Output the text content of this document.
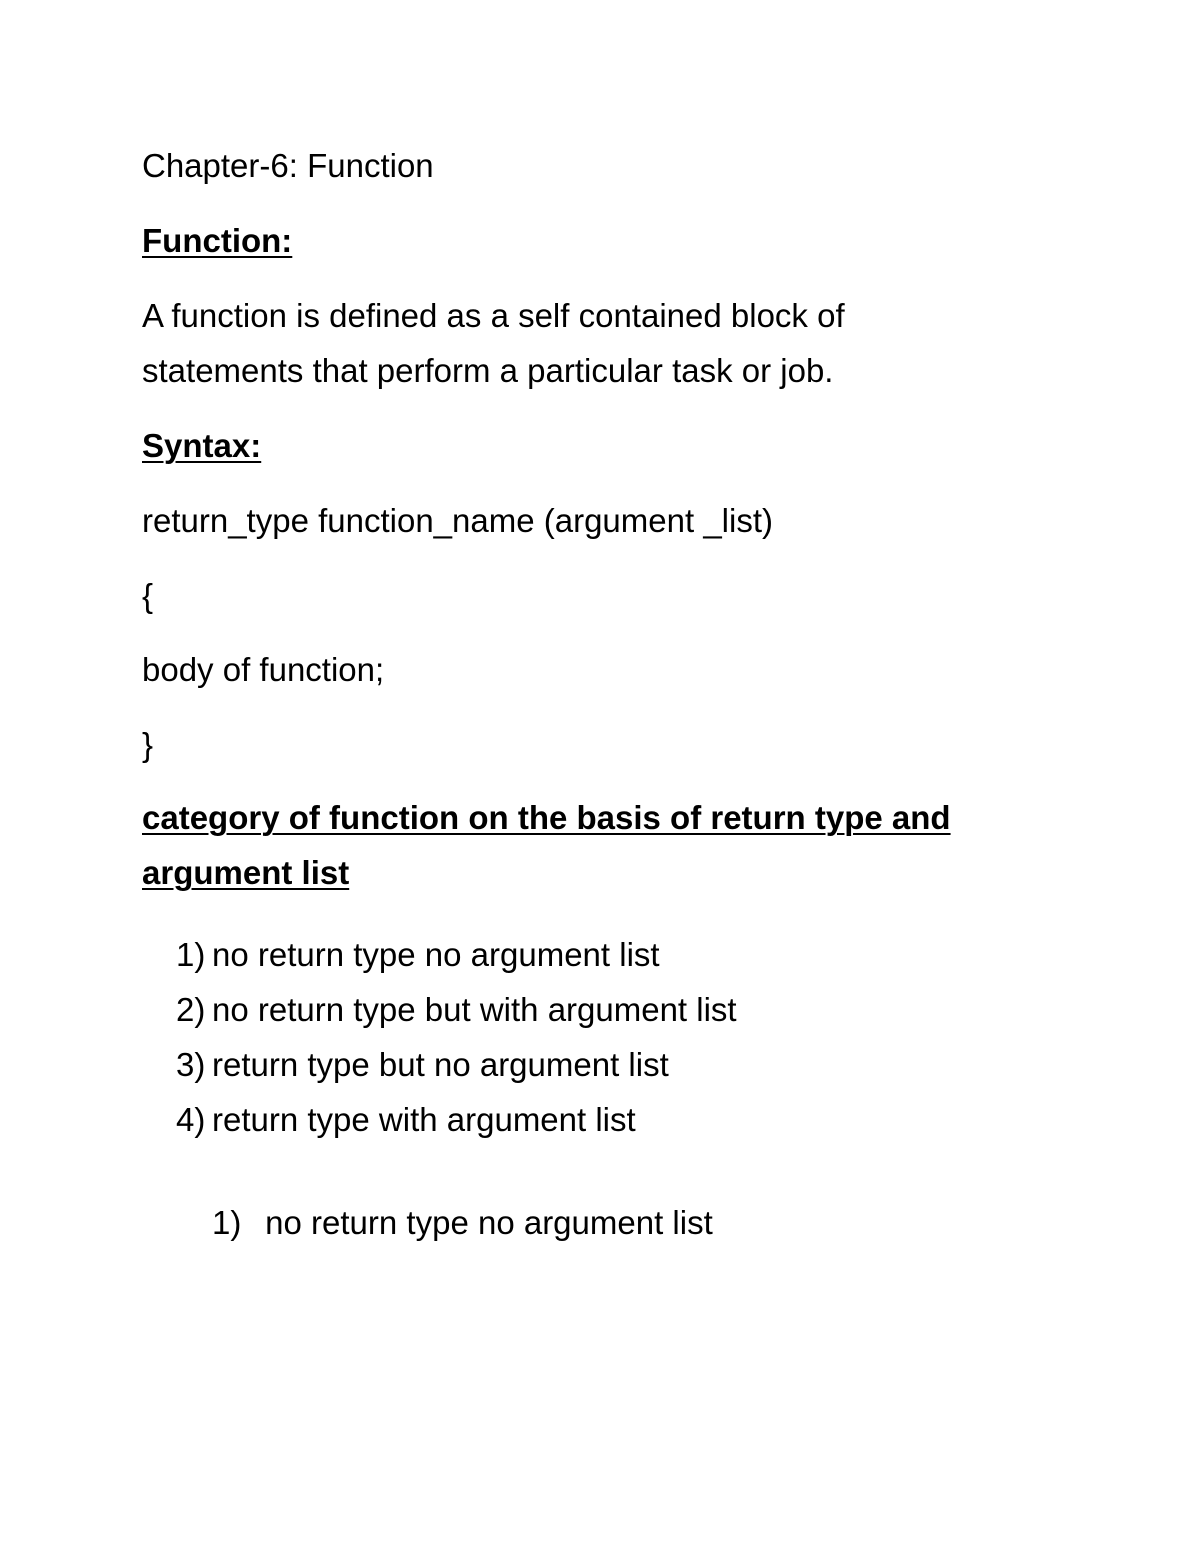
Chapter-6: Function
Function:
A function is defined as a self contained block of
statements that perform a particular task or job.
Syntax:
return_type function_name (argument _list)
{
body of function;
}
category of function on the basis of return type and
argument list
1) no return type no argument list
2) no return type but with argument list
3) return type but no argument list
4) return type with argument list
1) no return type no argument list
